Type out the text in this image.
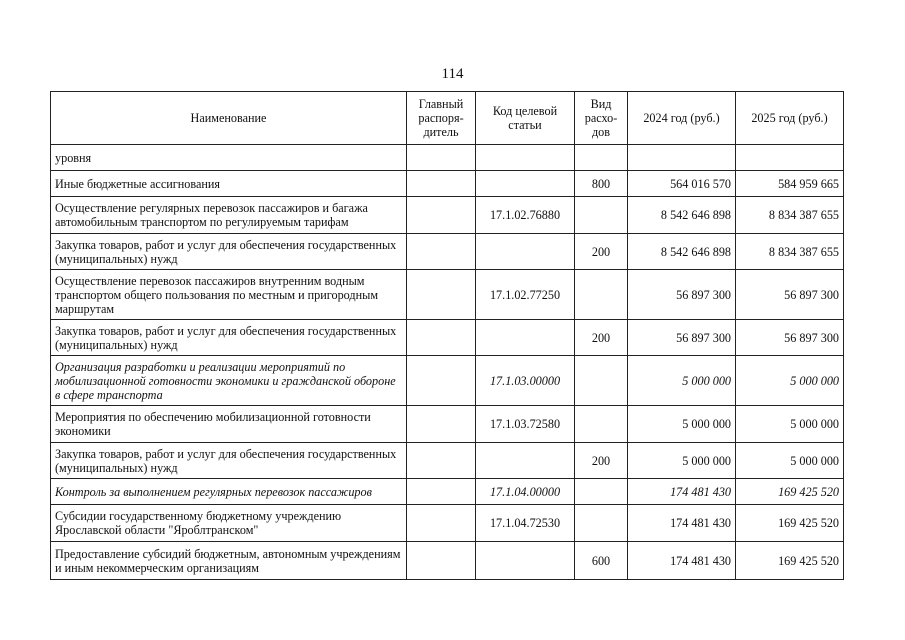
114
Наименование	Главный распоря-дитель	Код целевой статьи	Вид расхо-дов	2024 год (руб.)	2025 год (руб.)
уровня					
Иные бюджетные ассигнования			800	564 016 570	584 959 665
Осуществление регулярных перевозок пассажиров и багажа автомобильным транспортом по регулируемым тарифам		17.1.02.76880		8 542 646 898	8 834 387 655
Закупка товаров, работ и услуг для обеспечения государственных (муниципальных) нужд			200	8 542 646 898	8 834 387 655
Осуществление перевозок пассажиров внутренним водным транспортом общего пользования по местным и пригородным маршрутам		17.1.02.77250		56 897 300	56 897 300
Закупка товаров, работ и услуг для обеспечения государственных (муниципальных) нужд			200	56 897 300	56 897 300
Организация разработки и реализации мероприятий по мобилизационной готовности экономики и гражданской обороне в сфере транспорта		17.1.03.00000		5 000 000	5 000 000
Мероприятия по обеспечению мобилизационной готовности экономики		17.1.03.72580		5 000 000	5 000 000
Закупка товаров, работ и услуг для обеспечения государственных (муниципальных) нужд			200	5 000 000	5 000 000
Контроль за выполнением регулярных перевозок пассажиров		17.1.04.00000		174 481 430	169 425 520
Субсидии государственному бюджетному учреждению Ярославской области "Яроблтранском"		17.1.04.72530		174 481 430	169 425 520
Предоставление субсидий бюджетным, автономным учреждениям и иным некоммерческим организациям			600	174 481 430	169 425 520
